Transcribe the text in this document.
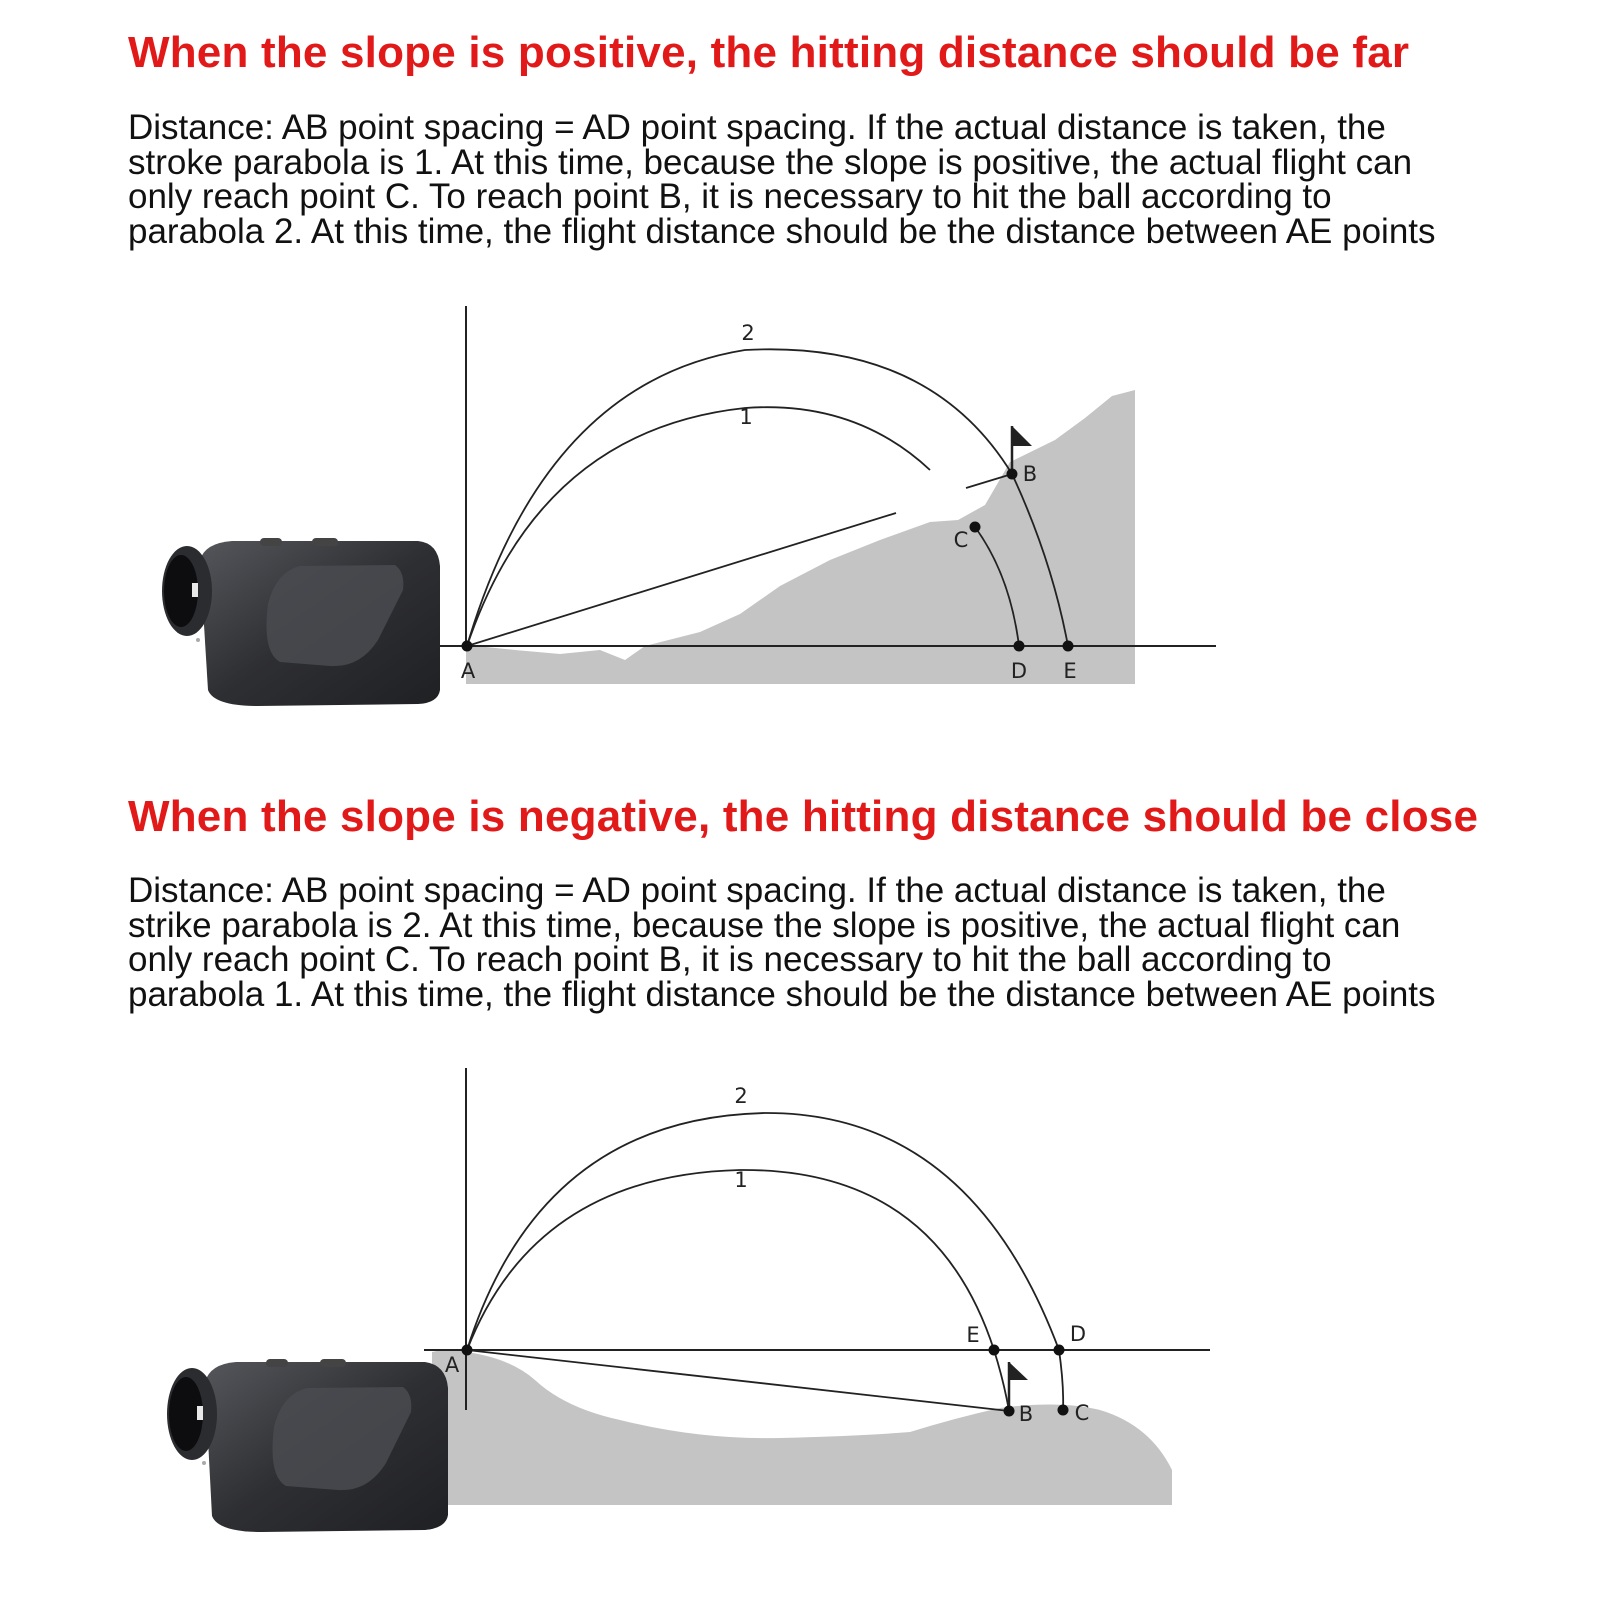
When the slope is positive, the hitting distance should be far

Distance: AB point spacing = AD point spacing. If the actual distance is taken, the stroke parabola is 1. At this time, because the slope is positive, the actual flight can only reach point C. To reach point B, it is necessary to hit the ball according to parabola 2. At this time, the flight distance should be the distance between AE points

2
1
A
B
C
D E
When the slope is negative, the hitting distance should be close

Distance: AB point spacing = AD point spacing. If the actual distance is taken, the strike parabola is 2. At this time, because the slope is positive, the actual flight can only reach point C. To reach point B, it is necessary to hit the ball according to parabola 1. At this time, the flight distance should be the distance between AE points

2
1
A
E	D
B C
